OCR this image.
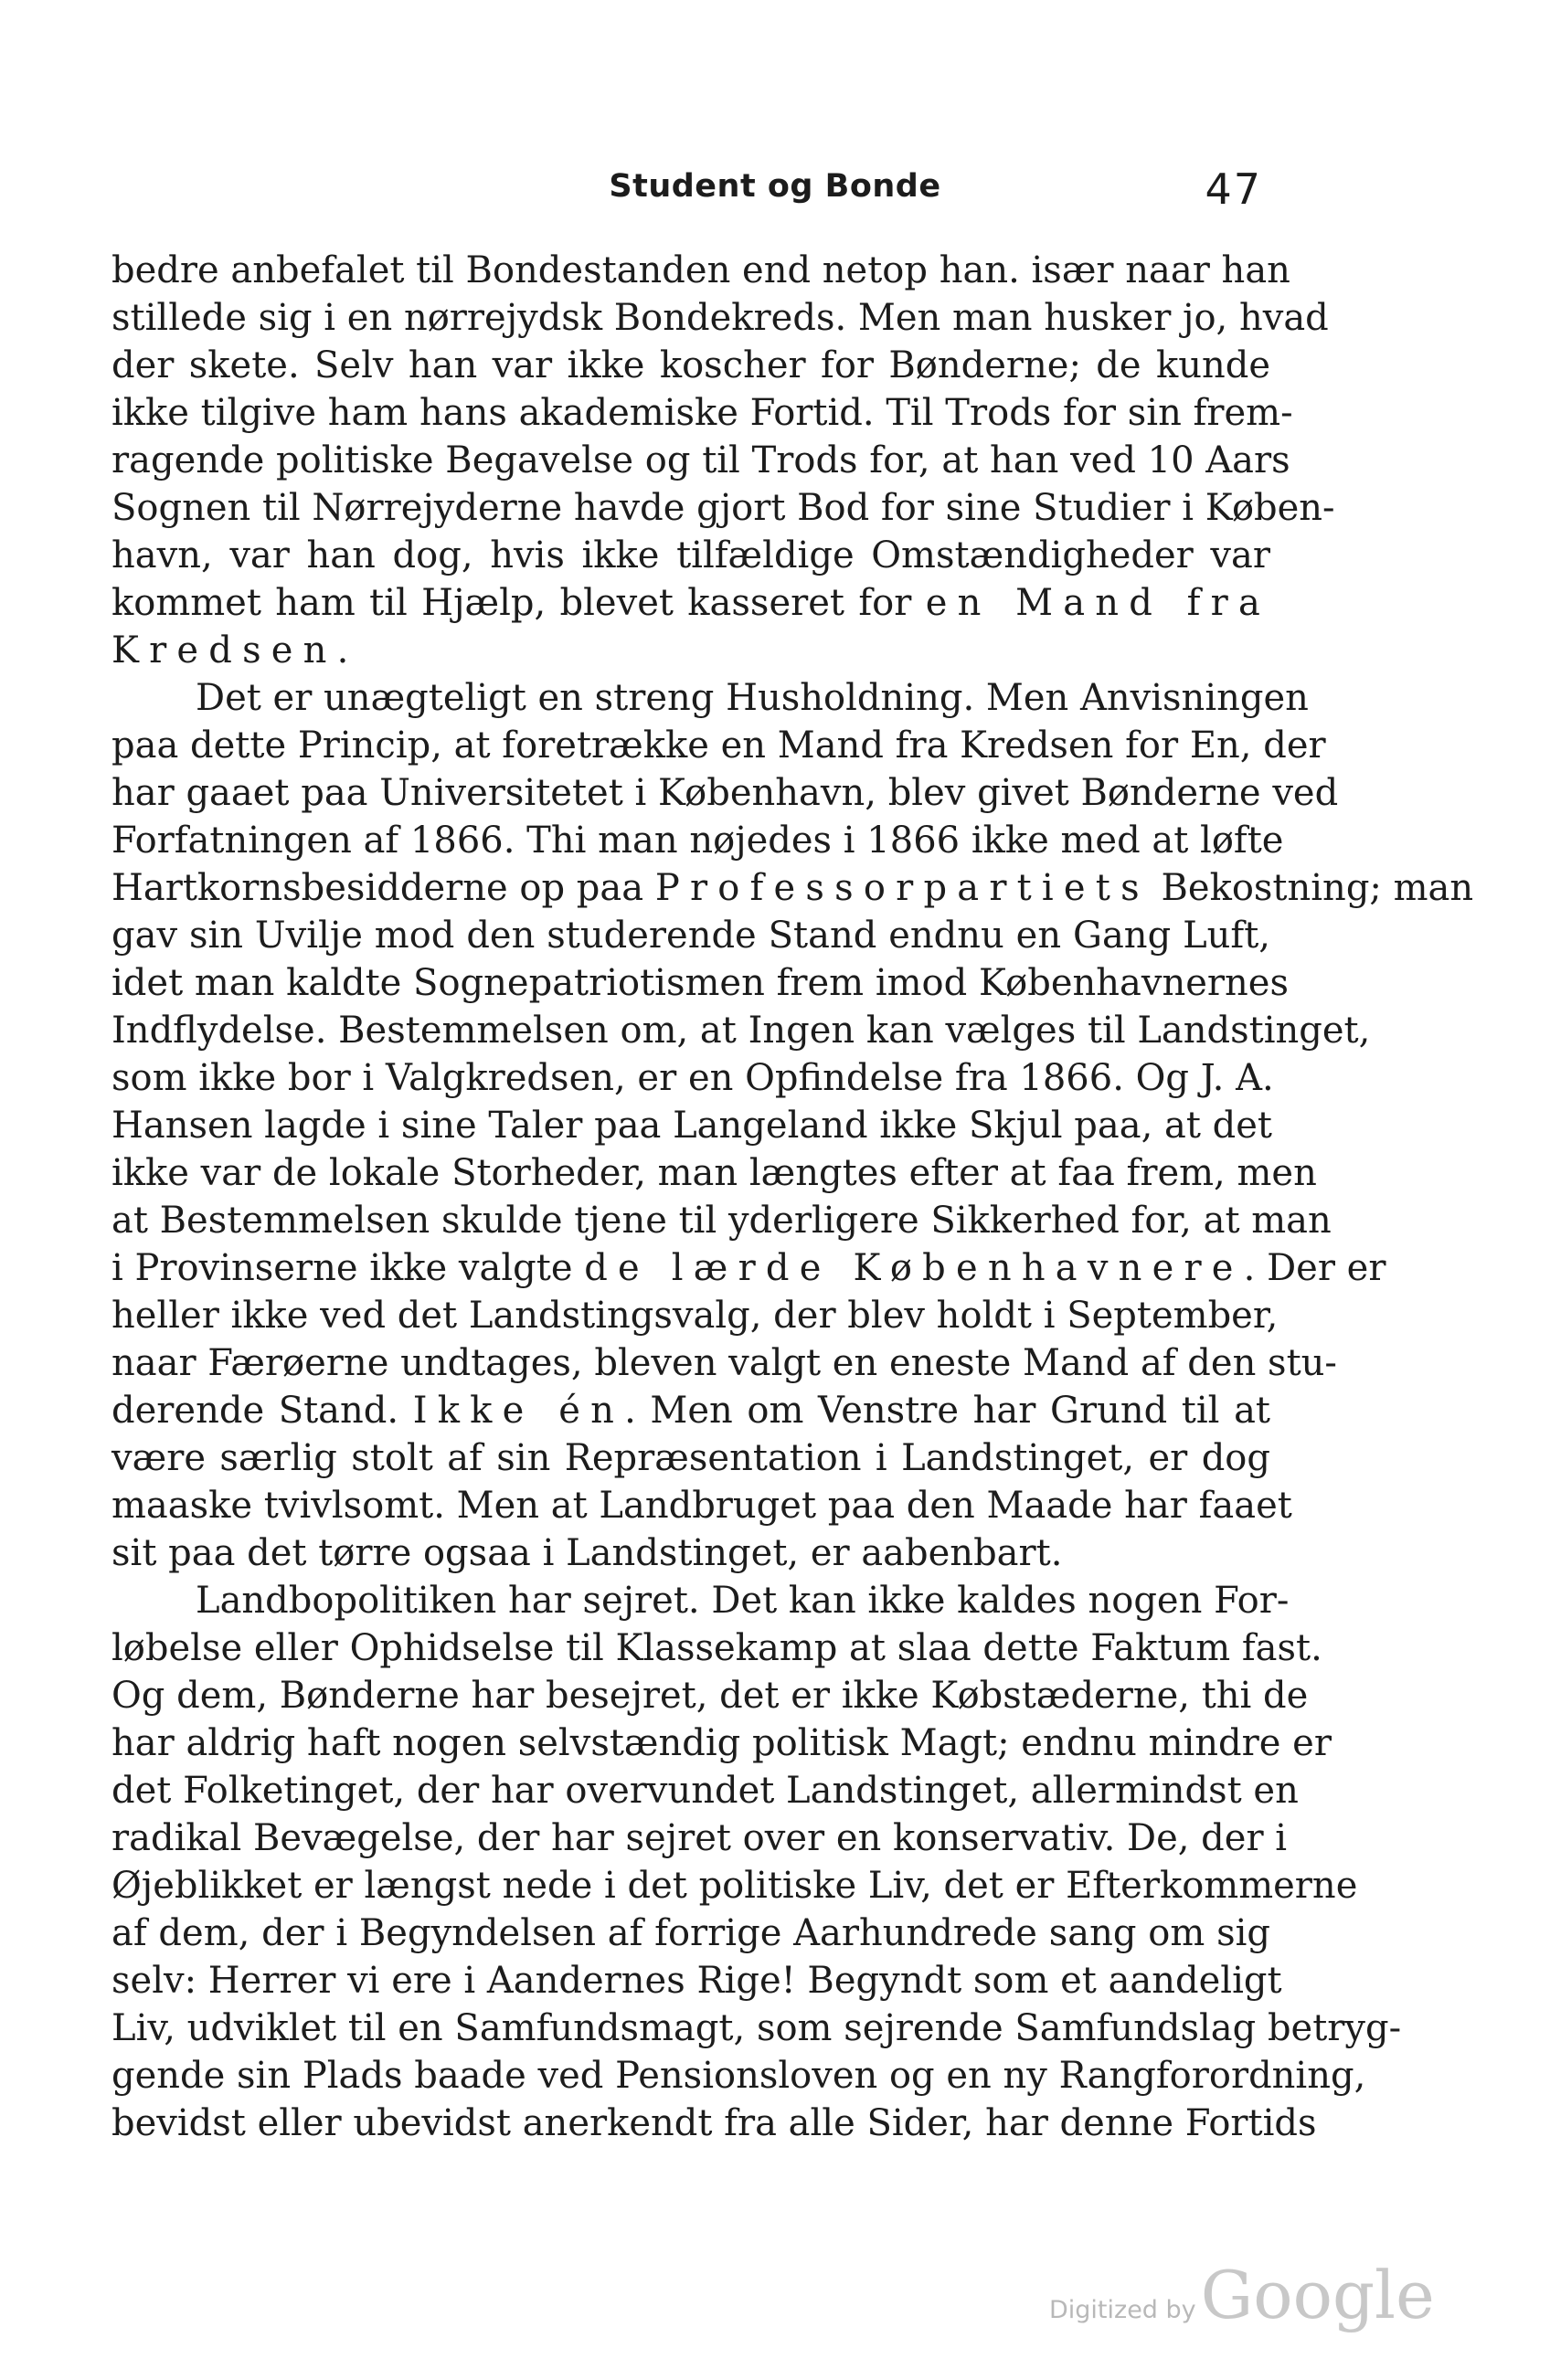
Student og Bonde	47
bedre anbefalet til Bondestanden end netop han. især naar han
stillede sig i en nørrejydsk Bondekreds. Men man husker jo, hvad
der skete. Selv han var ikke koscher for Bønderne; de kunde
ikke tilgive ham hans akademiske Fortid. Til Trods for sin frem-
ragende politiske Begavelse og til Trods for, at han ved 10 Aars
Sognen til Nørrejyderne havde gjort Bod for sine Studier i Køben-
havn, var han dog, hvis ikke tilfældige Omstændigheder var
kommet ham til Hjælp, blevet kasseret for en Mand fra
Kredsen.
Det er unægteligt en streng Husholdning. Men Anvisningen
paa dette Princip, at foretrække en Mand fra Kredsen for En, der
har gaaet paa Universitetet i København, blev givet Bønderne ved
Forfatningen af 1866. Thi man nøjedes i 1866 ikke med at løfte
Hartkornsbesidderne op paa Professorpartiets Bekostning; man
gav sin Uvilje mod den studerende Stand endnu en Gang Luft,
idet man kaldte Sognepatriotismen frem imod Københavnernes
Indflydelse. Bestemmelsen om, at Ingen kan vælges til Landstinget,
som ikke bor i Valgkredsen, er en Opfindelse fra 1866. Og J. A.
Hansen lagde i sine Taler paa Langeland ikke Skjul paa, at det
ikke var de lokale Storheder, man længtes efter at faa frem, men
at Bestemmelsen skulde tjene til yderligere Sikkerhed for, at man
i Provinserne ikke valgte de lærde Københavnere. Der er
heller ikke ved det Landstingsvalg, der blev holdt i September,
naar Færøerne undtages, bleven valgt en eneste Mand af den stu-
derende Stand. Ikke én. Men om Venstre har Grund til at
være særlig stolt af sin Repræsentation i Landstinget, er dog
maaske tvivlsomt. Men at Landbruget paa den Maade har faaet
sit paa det tørre ogsaa i Landstinget, er aabenbart.
Landbopolitiken har sejret. Det kan ikke kaldes nogen For-
løbelse eller Ophidselse til Klassekamp at slaa dette Faktum fast.
Og dem, Bønderne har besejret, det er ikke Købstæderne, thi de
har aldrig haft nogen selvstændig politisk Magt; endnu mindre er
det Folketinget, der har overvundet Landstinget, allermindst en
radikal Bevægelse, der har sejret over en konservativ. De, der i
Øjeblikket er længst nede i det politiske Liv, det er Efterkommerne
af dem, der i Begyndelsen af forrige Aarhundrede sang om sig
selv: Herrer vi ere i Aandernes Rige! Begyndt som et aandeligt
Liv, udviklet til en Samfundsmagt, som sejrende Samfundslag betryg-
gende sin Plads baade ved Pensionsloven og en ny Rangforordning,
bevidst eller ubevidst anerkendt fra alle Sider, har denne Fortids
Digitized by Google
